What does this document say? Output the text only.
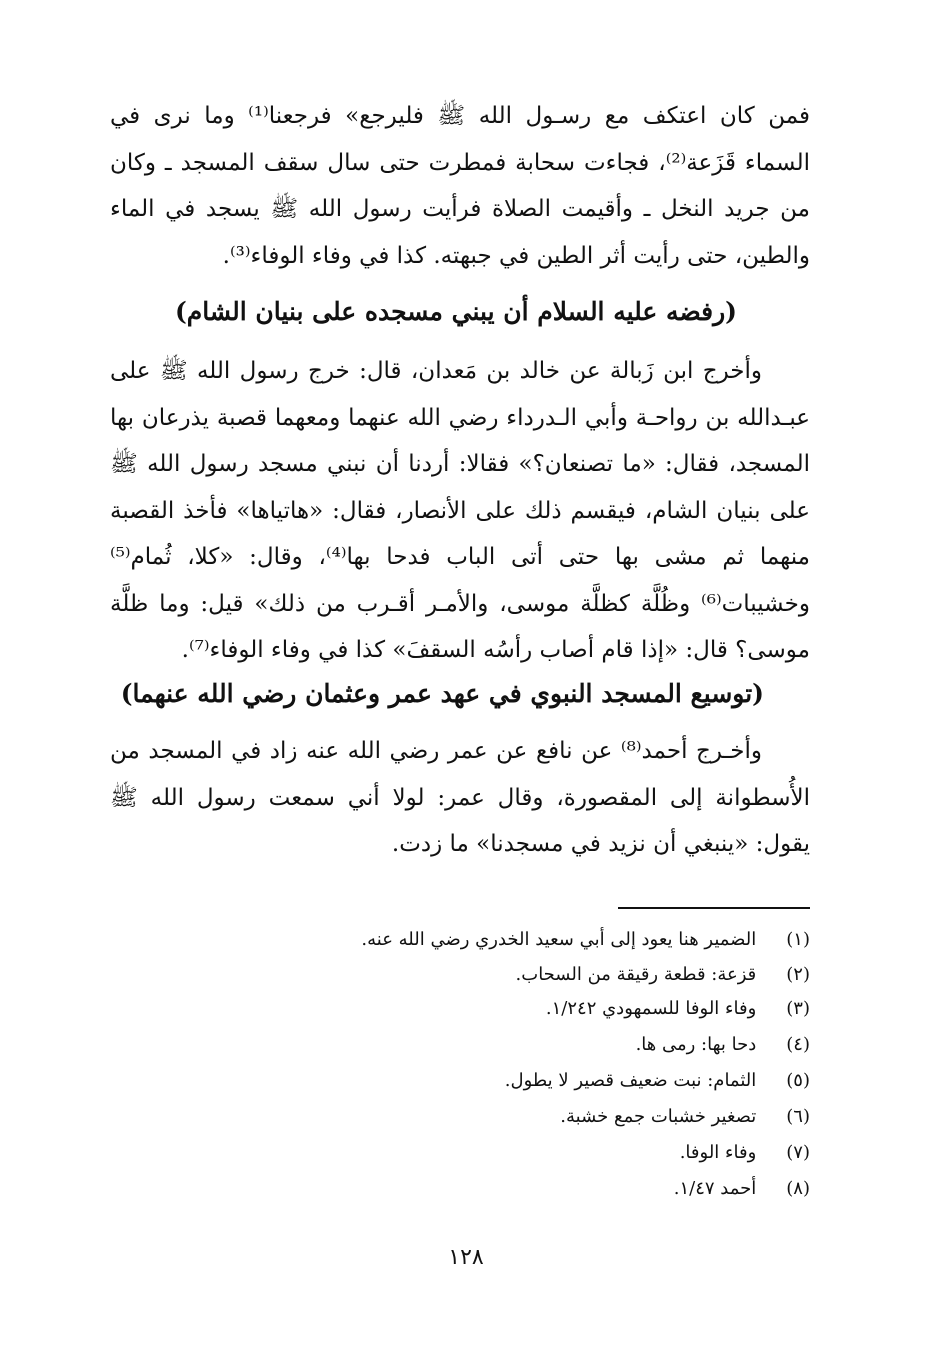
فمن كان اعتكف مع رسـول الله ﷺ فليرجع» فرجعنا⁽¹⁾ وما نرى في السماء قَزَعة⁽²⁾، فجاءت سحابة فمطرت حتى سال سقف المسجد ـ وكان من جريد النخل ـ وأقيمت الصلاة فرأيت رسول الله ﷺ يسجد في الماء والطين، حتى رأيت أثر الطين في جبهته. كذا في وفاء الوفاء⁽³⁾.

(رفضه عليه السلام أن يبني مسجده على بنيان الشام)

وأخرج ابن زَبالة عن خالد بن مَعدان، قال: خرج رسول الله ﷺ على عبـدالله بن رواحـة وأبي الـدرداء رضي الله عنهما ومعهما قصبة يذرعان بها المسجد، فقال: «ما تصنعان؟» فقالا: أردنا أن نبني مسجد رسول الله ﷺ على بنيان الشام، فيقسم ذلك على الأنصار، فقال: «هاتياها» فأخذ القصبة منهما ثم مشى بها حتى أتى الباب فدحا بها⁽⁴⁾، وقال: «كلا، ثُمام⁽⁵⁾ وخشيبات⁽⁶⁾ وظُلَّة كظلَّة موسى، والأمـر أقـرب من ذلك» قيل: وما ظلَّة موسى؟ قال: «إذا قام أصاب رأسُه السقفَ» كذا في وفاء الوفاء⁽⁷⁾.

(توسيع المسجد النبوي في عهد عمر وعثمان رضي الله عنهما)

وأخـرج أحمد⁽⁸⁾ عن نافع عن عمر رضي الله عنه زاد في المسجد من الأُسطوانة إلى المقصورة، وقال عمر: لولا أني سمعت رسول الله ﷺ يقول: «ينبغي أن نزيد في مسجدنا» ما زدت.

(١) الضمير هنا يعود إلى أبي سعيد الخدري رضي الله عنه.
(٢) قزعة: قطعة رقيقة من السحاب.
(٣) وفاء الوفا للسمهودي ١/٢٤٢.
(٤) دحا بها: رمى ها.
(٥) الثمام: نبت ضعيف قصير لا يطول.
(٦) تصغير خشبات جمع خشبة.
(٧) وفاء الوفا.
(٨) أحمد ١/٤٧.
١٢٨
